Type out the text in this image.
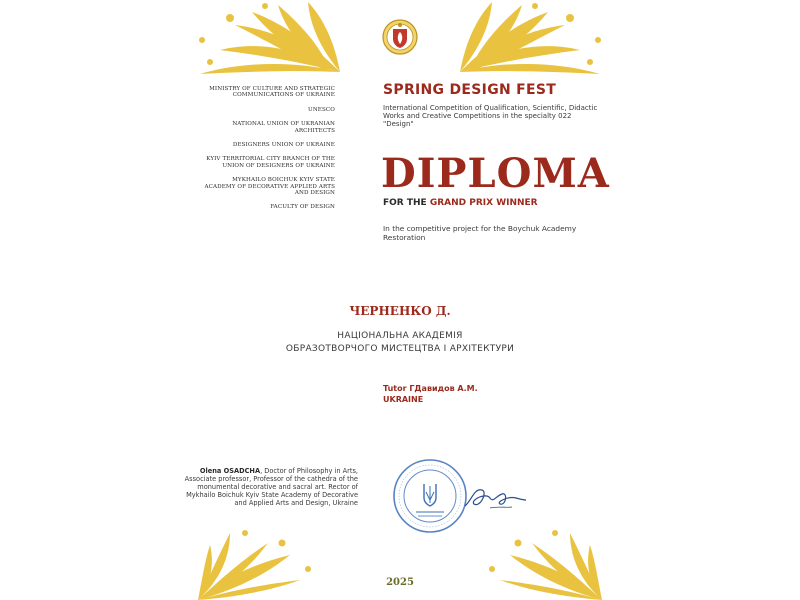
MINISTRY OF CULTURE AND STRATEGIC COMMUNICATIONS OF UKRAINE
UNESCO
NATIONAL UNION OF UKRANIAN ARCHITECTS
DESIGNERS UNION OF UKRAINE
KYIV TERRITORIAL CITY BRANCH OF THE UNION OF DESIGNERS OF UKRAINE
MYKHAILO BOICHUK KYIV STATE ACADEMY OF DECORATIVE APPLIED ARTS AND DESIGN
FACULTY OF DESIGN
SPRING DESIGN FEST
International Competition of Qualification, Scientific, Didactic Works and Creative Competitions in the specialty 022 "Design"
DIPLOMA
FOR THE GRAND PRIX WINNER
In the competitive project for the Boychuk Academy Restoration
ЧЕРНЕНКО Д.
НАЦІОНАЛЬНА АКАДЕМІЯ
ОБРАЗОТВОРЧОГО МИСТЕЦТВА І АРХІТЕКТУРИ
Tutor ГДавидов А.М.
UKRAINE
Olena OSADCHA, Doctor of Philosophy in Arts, Associate professor, Professor of the cathedra of the monumental decorative and sacral art. Rector of Mykhailo Boichuk Kyiv State Academy of Decorative and Applied Arts and Design, Ukraine
2025
